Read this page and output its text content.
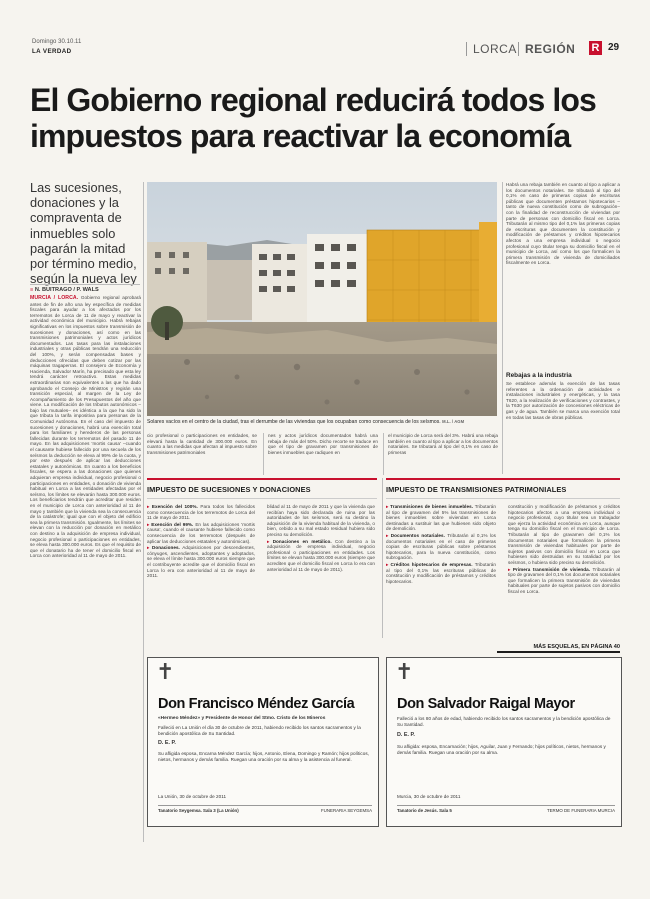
Domingo 30.10.11
LA VERDAD	LORCA REGIÓN R 29
El Gobierno regional reducirá todos los impuestos para reactivar la economía
Las sucesiones, donaciones y la compraventa de inmuebles solo pagarán la mitad por término medio, según la nueva ley
≡ N. BUITRAGO / P. WALS
MURCIA / LORCA. Gobierno regional aprobará antes de fin de año una ley específica de medidas fiscales para ayudar a los afectados por los terremotos de Lorca de 11 de mayo y reactivar la actividad económica del municipio. Habrá rebajas significativas en los impuestos sobre transmisión de sucesiones y donaciones, así como en las transmisiones patrimoniales y actos jurídicos documentados. Las tasas para las instalaciones industriales y otras públicas tendrán una reducción del 100%, y serán compensadas bases y deducciones ofrecidas que deben cotizar por las máquinas tragaperras. El consejero de Economía y Hacienda, Salvador Marín, ha precisado que esta ley tendrá carácter retroactivo. Estas medidas extraordinarias son equivalentes a las que ha dado aprobando el Consejo de Ministros y regirán una transición especial, al margen de la Ley de Acompañamiento de los Presupuestos del año que viene. La modificación de los tributos autonómicos –bajo las mutuales– es idéntica a la que ha sido la que tributa la tarifa impositiva para personas de la Comunidad Autónoma. En el caso del impuesto de sucesiones y donaciones, habrá una exención total para los familiares y herederos de las personas fallecidas durante los terremotos del pasado 11 de mayo. En las adquisiciones 'mortis causa' –cuando el causante hubiese fallecido por una secuela de los seísmos la deducción se eleva al 99% de la cuota, y por este después de aplicar las deducciones estatales y autonómicas. En cuanto a los beneficios fiscales, se espera a las donaciones que quienes adquieran empresa individual, negocio profesional o participaciones en entidades, o donación de vivienda habitual en Lorca a las entidades afectadas por el seísmo, los límites se elevarán hasta 300.000 euros. Los beneficiarios tendrán que acreditar que residen en el municipio de Lorca con anterioridad al 11 de mayo y también que la vivienda sea la consecuencia de la catástrofe; igual que con el objeto del edificio sea la primera transmisión. Igualmente, los límites se elevan con la reducción por donación en metálico con destino a la adquisición de empresa individual, negocio profesional o participaciones en entidades, se eleva hasta 300.000 euros. Es que el requisito de que el donatario ha de tener el domicilio fiscal en Lorca con anterioridad al 11 de mayo de 2011.
Solares vacíos en el centro de la ciudad, tras el derrumbe de las viviendas que los ocupaban como consecuencia de los seísmos. M.L. / AGM
cio profesional o participaciones en entidades, se elevará hasta la cantidad de 300.000 euros. En cuanto a las medidas que afectan al impuesto sobre transmisiones patrimoniales
nes y actos jurídicos documentados habrá una rebaja de más del 50%. Dicho recorte se traduce en que el tipo de gravamen por transmisiones de bienes inmuebles que radiquen en
el municipio de Lorca será del 3%. Habrá una rebaja también en cuanto al tipo a aplicar a los documentos notariales. Se tributará al tipo del 0,1% en caso de primeras
Habrá una rebaja también en cuanto al tipo a aplicar a los documentos notariales. Se tributará al tipo del 0,1% en caso de primeras copias de escrituras públicas que documenten préstamos hipotecarios –tanto de nueva constitución como de subrogación– con la finalidad de reconstrucción de viviendas por parte de personas con domicilio fiscal en Lorca. Tributarán al mismo tipo del 0,1% las primeras copias de escrituras que documenten la constitución y modificación de préstamos y créditos hipotecarios afectos a una empresa individual o negocio profesional cuyo titular tenga su domicilio fiscal en el municipio de Lorca, así como los que formalicen la primera transmisión de vivienda de domiciliados fiscalmente en Lorca.
Rebajas a la industria
Se establece además la exención de las tasas referentes a la ordenación de actividades e instalaciones industriales y energéticas, y la tasa T620, a la realización de verificaciones y contrastes, y la T630 por autorización de concesiones eléctricas de gas y de agua. También se marca una exención total en todas las tasas de obras públicas.
IMPUESTO DE SUCESIONES Y DONACIONES

▸ Exención del 100%. Para todos los fallecidos como consecuencia de los terremotos de Lorca del 11 de mayo de 2011.

▸ Exención del 99%. En las adquisiciones 'mortis causa', cuando el causante hubiese fallecido como consecuencia de los terremotos (después de aplicar las deducciones estatales y autonómicas).

▸ Donaciones. Adquisiciones por descendientes, cónyuges, ascendientes, adoptantes y adoptados, se eleva el límite hasta 300.000 euros siempre que el contribuyente acredite que el domicilio fiscal en Lorca lo era con anterioridad al 11 de mayo de 2011.

blidad al 11 de mayo de 2011 y que la vivienda que recibían haya sido declarada de ruina por las autoridades de los seísmos, será su destino la adquisición de la vivienda habitual de la vivienda, o bien, cebido a su mal estado residual hubiera sido preciso su demolición.

▸ Donaciones en metálico. Con destino a la adquisición de empresa individual, negocio profesional o participaciones en entidades. Los límites se elevan hasta 300.000 euros (siempre que acrediten que el domicilio fiscal en Lorca lo era con anterioridad al 11 de mayo de 2011).

IMPUESTO DE TRANSMISIONES PATRIMONIALES

▸ Transmisiones de bienes inmuebles. Tributarán al tipo de gravamen del 5% las transmisiones de bienes inmuebles sobre viviendas en Lorca destinadas a sustituir las que hubiesen sido objeto de demolición.

▸ Documentos notariales. Tributarán al 0,1% los documentos notariales en el caso de primeras copias de escrituras públicas sobre préstamos hipotecarios, para la nueva constitución, como subrogación.

▸ Créditos hipotecarios de empresas. Tributarán al tipo del 0,1% las escrituras públicas de constitución y modificación de préstamos y créditos hipotecarios.

constitución y modificación de préstamos y créditos hipotecarios afectos a una empresa individual o negocio profesional, cuyo titular sea un trabajador que ejerza la actividad económica en Lorca, aunque tenga su domicilio fiscal en el municipio de Lorca. Tributarán al tipo de gravamen del 0,1% los documentos notariales que formalicen la primera transmisión de viviendas habituales por parte de sujetos pasivos con domicilio fiscal en Lorca que hubiesen sido destruidas en su totalidad por los seísmos, o hubiera sido preciso su demolición.

▸ Primera transmisión de vivienda. Tributarán al tipo de gravamen del 0,1% los documentos notariales que formalicen la primera transmisión de viviendas habituales por parte de sujetos pasivos con domicilio fiscal en Lorca.

MÁS ESQUELAS, EN PÁGINA 40
✝
Don Francisco Méndez García
«Hermeo Méndez» y Presidente de Honor del Stmo. Cristo de los Mineros
Falleció en La Unión el día 30 de octubre de 2011, habiendo recibido los santos sacramentos y la bendición apostólica de Su Santidad.
D. E. P.
Su afligida esposa, Encarna Méndez García; hijos, Antonio, Elena, Domingo y Ramón; hijos políticos, nietos, hermanos y demás familia. Ruegan una oración por su alma y la asistencia al funeral.
La Unión, 30 de octubre de 2011
Tanatorio Seygemsa. Sala 3 (La Unión)	FUNERARIA SEYGEMSA
✝
Don Salvador Raigal Mayor
Falleció a los 80 años de edad, habiendo recibido los santos sacramentos y la bendición apostólica de Su Santidad.
D. E. P.
Su afligida: esposa, Encarnación; hijos, Aguilar, Juan y Fernando; hijos políticos, nietos, hermanos y demás familia. Ruegan una oración por su alma.
Murcia, 30 de octubre de 2011
Tanatorio de Jesús. Sala 5	TERMO DE FUNERARIA MURCIA
